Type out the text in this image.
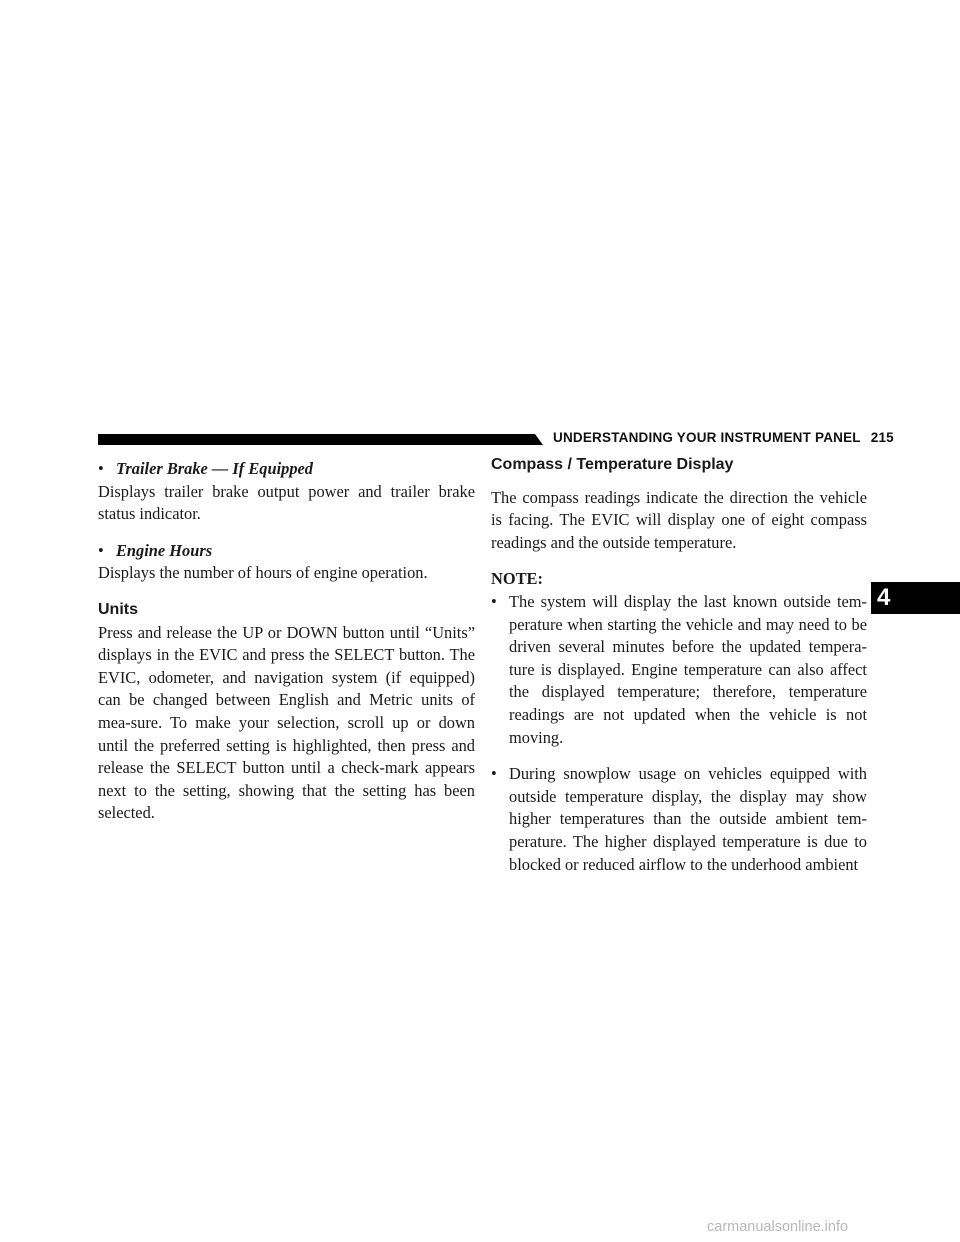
UNDERSTANDING YOUR INSTRUMENT PANEL 215

• Trailer Brake — If Equipped

Displays trailer brake output power and trailer brake status indicator.

• Engine Hours

Displays the number of hours of engine operation.

Units

Press and release the UP or DOWN button until “Units” displays in the EVIC and press the SELECT button. The EVIC, odometer, and navigation system (if equipped) can be changed between English and Metric units of mea-sure. To make your selection, scroll up or down until the preferred setting is highlighted, then press and release the SELECT button until a check-mark appears next to the setting, showing that the setting has been selected.

Compass / Temperature Display

The compass readings indicate the direction the vehicle is facing. The EVIC will display one of eight compass readings and the outside temperature.

NOTE:

• The system will display the last known outside tem-perature when starting the vehicle and may need to be driven several minutes before the updated tempera-ture is displayed. Engine temperature can also affect the displayed temperature; therefore, temperature readings are not updated when the vehicle is not moving.
• During snowplow usage on vehicles equipped with outside temperature display, the display may show higher temperatures than the outside ambient tem-perature. The higher displayed temperature is due to blocked or reduced airflow to the underhood ambient
4
carmanualsonline.info
